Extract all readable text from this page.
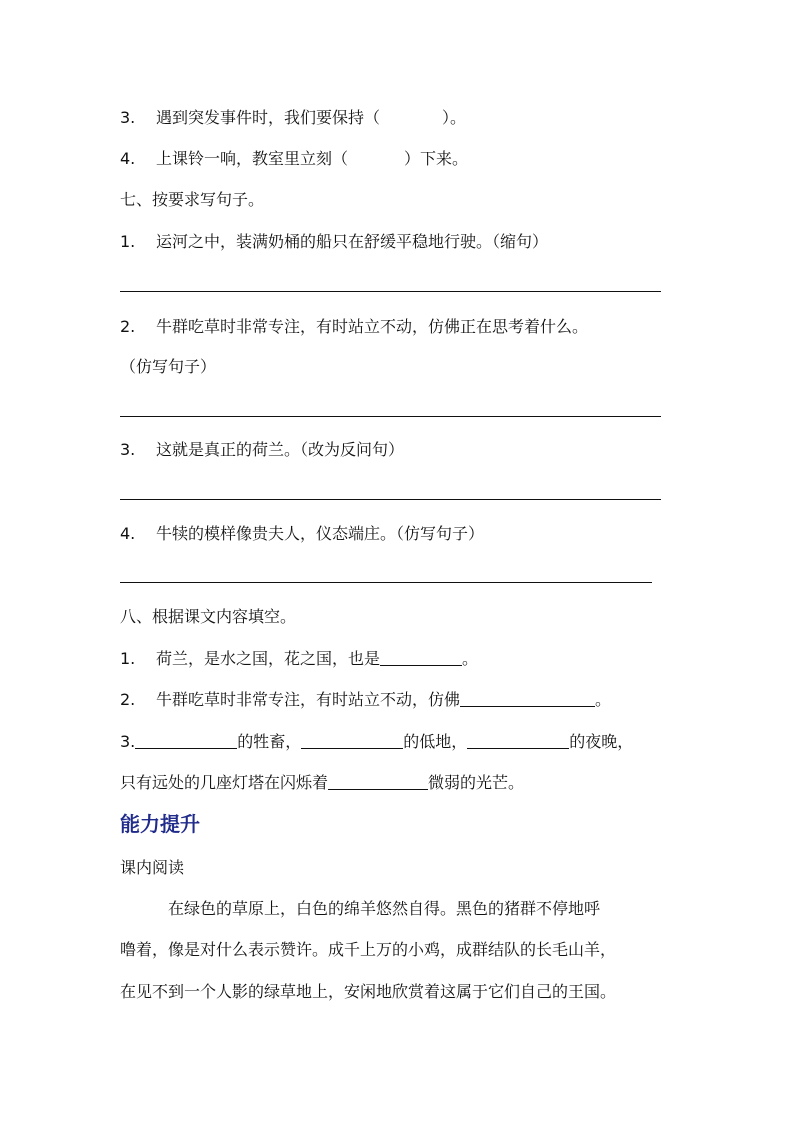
3. 遇到突发事件时，我们要保持（	）。
4. 上课铃一响，教室里立刻（	）下来。
七、按要求写句子。
1. 运河之中，装满奶桶的船只在舒缓平稳地行驶。（缩句）
2. 牛群吃草时非常专注，有时站立不动，仿佛正在思考着什么。
（仿写句子）
3. 这就是真正的荷兰。（改为反问句）
4. 牛犊的模样像贵夫人，仪态端庄。（仿写句子）
八、根据课文内容填空。
1. 荷兰，是水之国，花之国，也是	。
2. 牛群吃草时非常专注，有时站立不动，仿佛	。
3.	的牲畜，	的低地，	的夜晚，
只有远处的几座灯塔在闪烁着	微弱的光芒。
能力提升
课内阅读
在绿色的草原上，白色的绵羊悠然自得。黑色的猪群不停地呼
噜着，像是对什么表示赞许。成千上万的小鸡，成群结队的长毛山羊，
在见不到一个人影的绿草地上，安闲地欣赏着这属于它们自己的王国。
